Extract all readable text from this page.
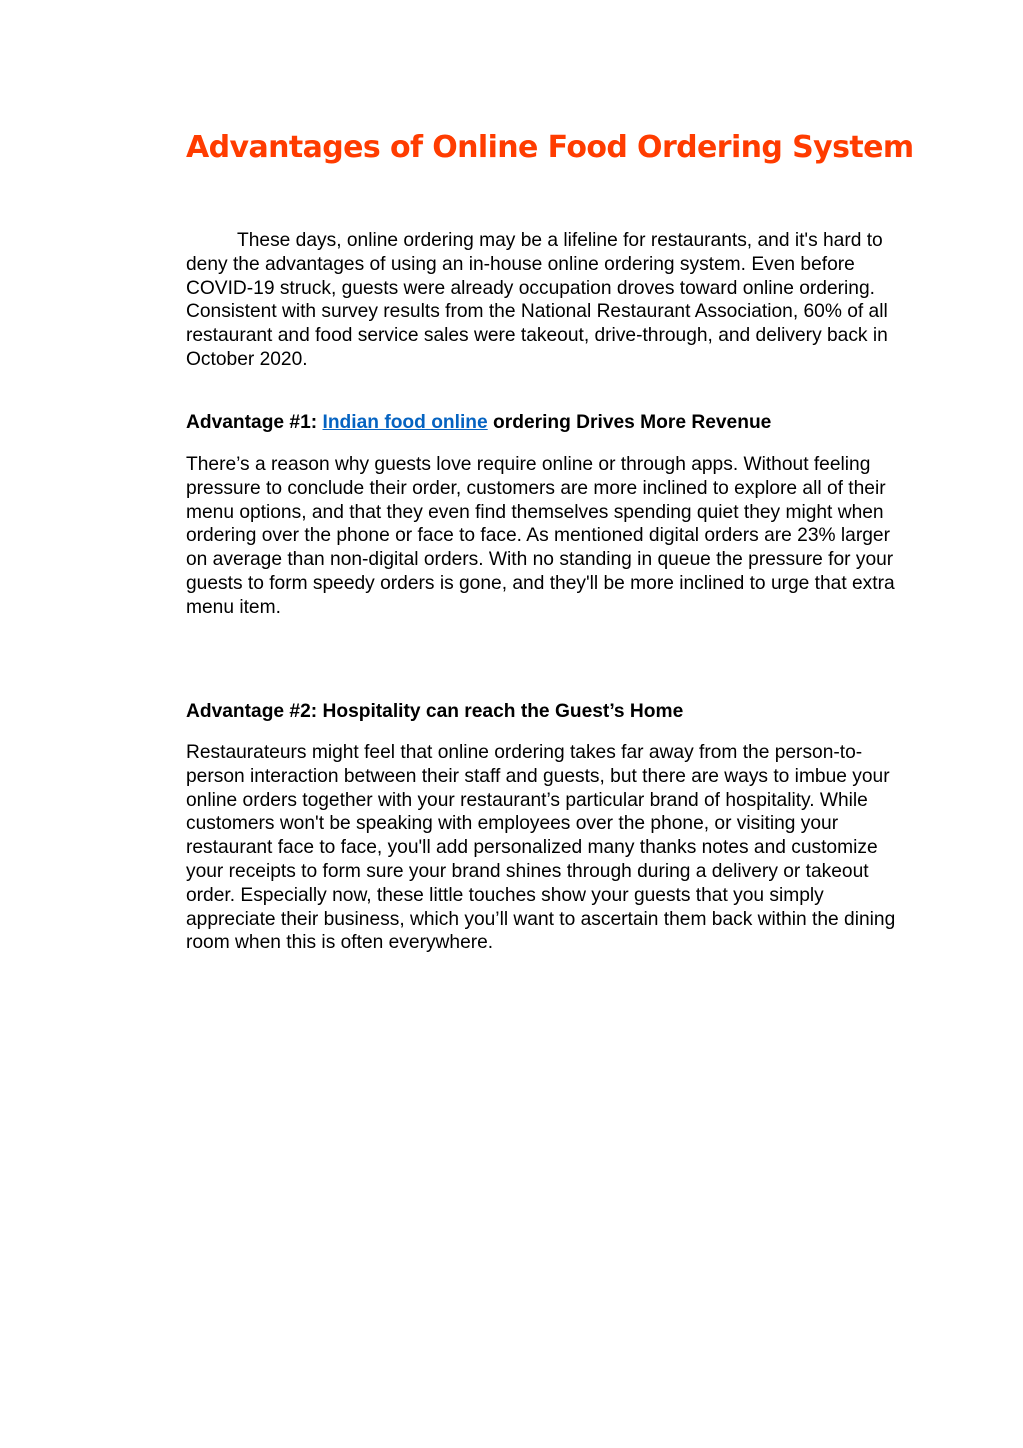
Advantages of Online Food Ordering System

These days, online ordering may be a lifeline for restaurants, and it's hard to deny the advantages of using an in-house online ordering system. Even before COVID-19 struck, guests were already occupation droves toward online ordering. Consistent with survey results from the National Restaurant Association, 60% of all restaurant and food service sales were takeout, drive-through, and delivery back in October 2020.

Advantage #1: Indian food online ordering Drives More Revenue

There’s a reason why guests love require online or through apps. Without feeling pressure to conclude their order, customers are more inclined to explore all of their menu options, and that they even find themselves spending quiet they might when ordering over the phone or face to face. As mentioned digital orders are 23% larger on average than non-digital orders. With no standing in queue the pressure for your guests to form speedy orders is gone, and they'll be more inclined to urge that extra menu item.

Advantage #2: Hospitality can reach the Guest’s Home

Restaurateurs might feel that online ordering takes far away from the person-to-person interaction between their staff and guests, but there are ways to imbue your online orders together with your restaurant’s particular brand of hospitality. While customers won't be speaking with employees over the phone, or visiting your restaurant face to face, you'll add personalized many thanks notes and customize your receipts to form sure your brand shines through during a delivery or takeout order. Especially now, these little touches show your guests that you simply appreciate their business, which you’ll want to ascertain them back within the dining room when this is often everywhere.
